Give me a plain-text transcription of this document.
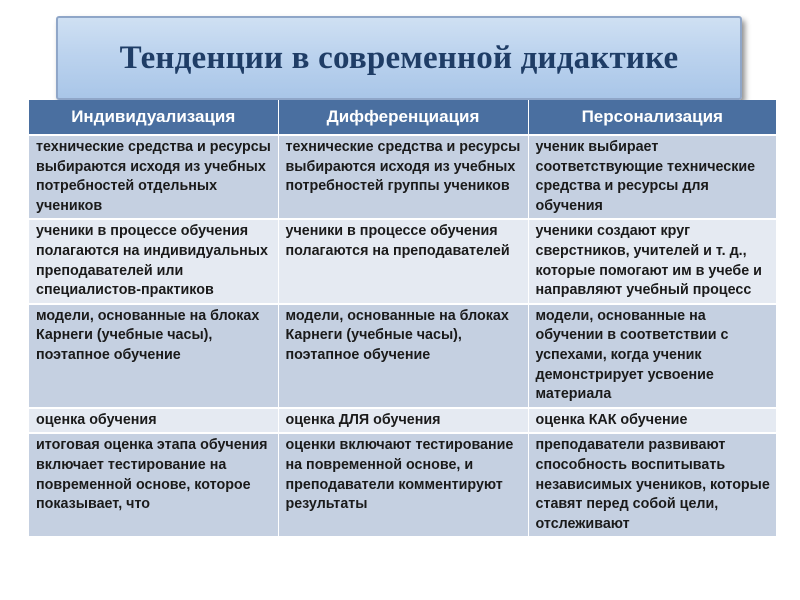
Тенденции в современной дидактике
Индивидуализация	Дифференциация	Персонализация
технические средства и ресурсы выбираются исходя из учебных потребностей отдельных учеников	технические средства и ресурсы выбираются исходя из учебных потребностей группы учеников	ученик выбирает соответствующие технические средства и ресурсы для обучения
ученики в процессе обучения полагаются на индивидуальных преподавателей или специалистов-практиков	ученики в процессе обучения полагаются на преподавателей	ученики создают круг сверстников, учителей и т. д., которые помогают им в учебе и направляют учебный процесс
модели, основанные на блоках Карнеги (учебные часы), поэтапное обучение	модели, основанные на блоках Карнеги (учебные часы), поэтапное обучение	модели, основанные на обучении в соответствии с успехами, когда ученик демонстрирует усвоение материала
оценка обучения	оценка ДЛЯ обучения	оценка КАК обучение
итоговая оценка этапа обучения включает тестирование на повременной основе, которое показывает, что	оценки включают тестирование на повременной основе, и преподаватели комментируют результаты	преподаватели развивают способность воспитывать независимых учеников, которые ставят перед собой цели, отслеживают
